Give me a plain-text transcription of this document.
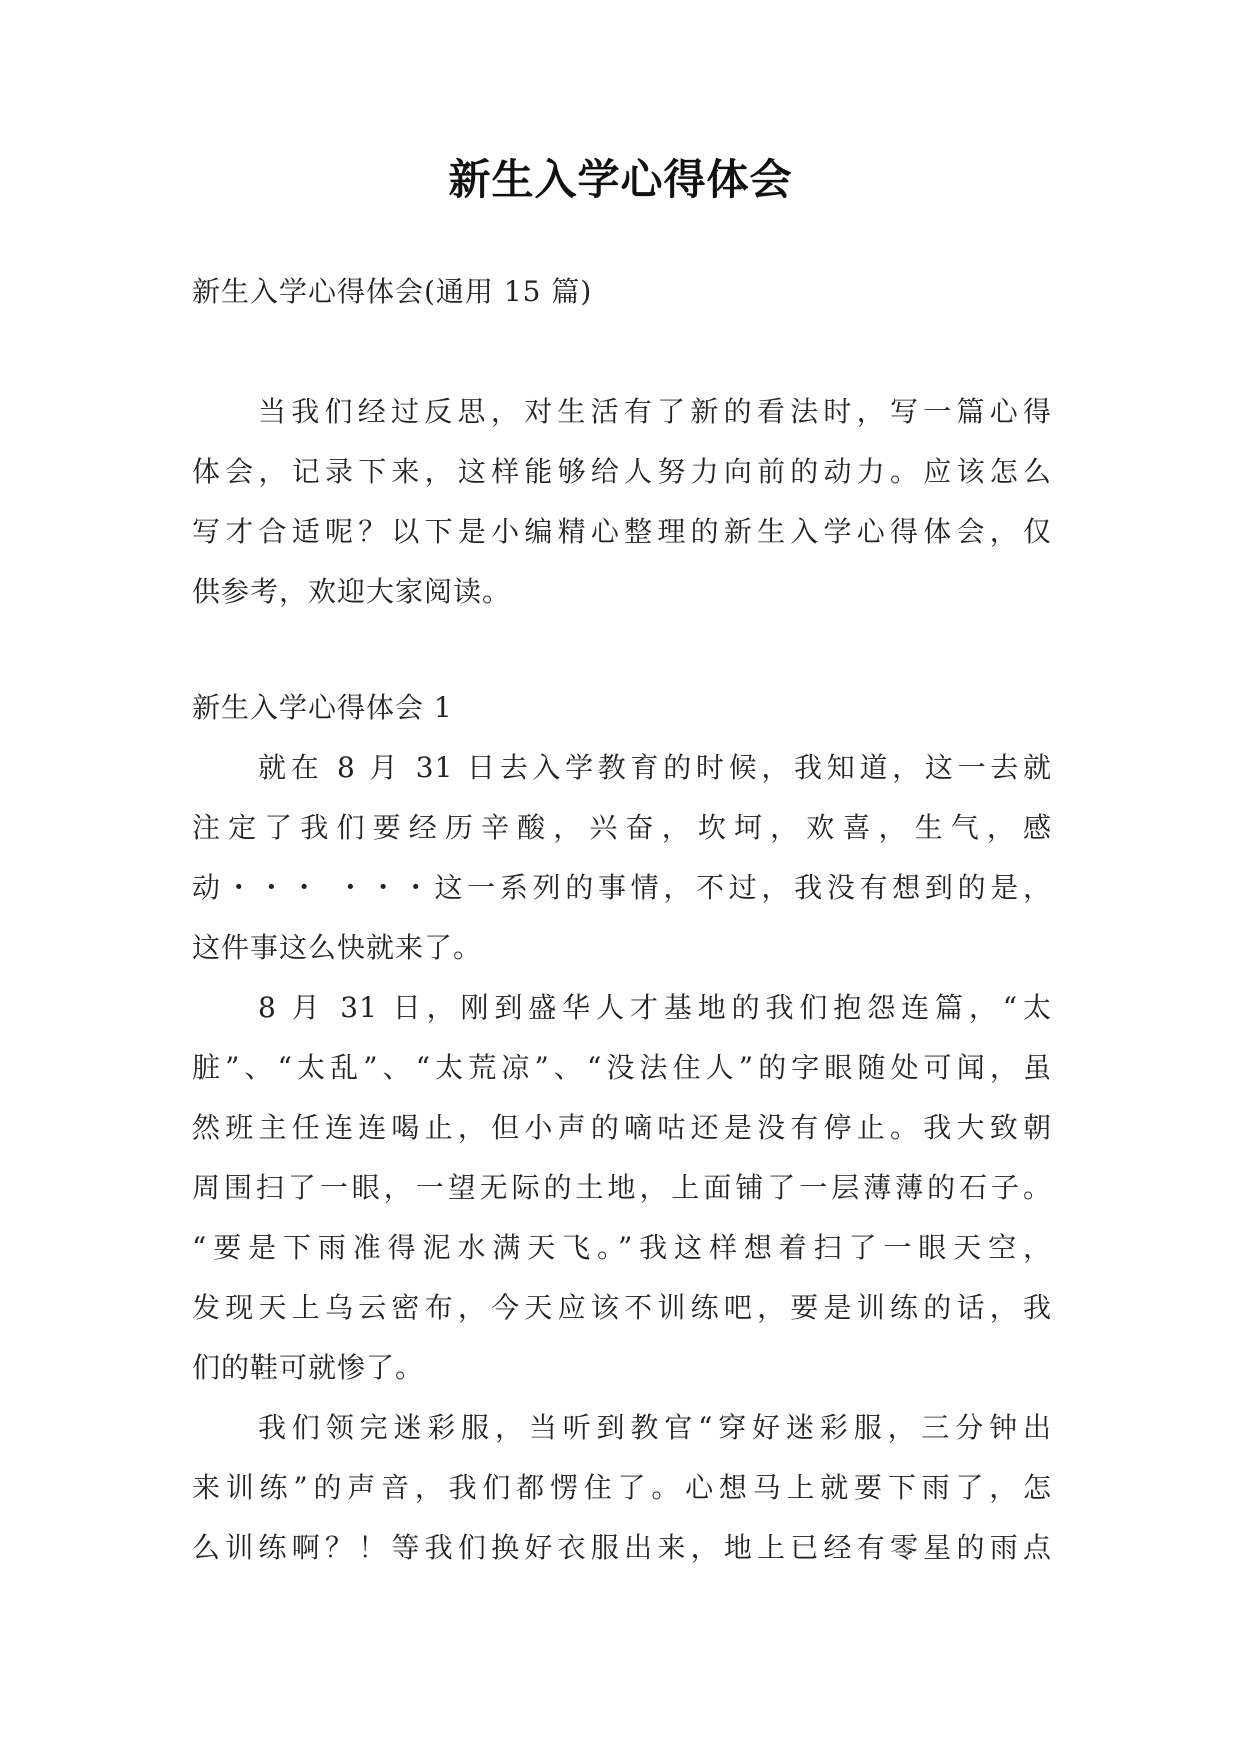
新生入学心得体会
新生入学心得体会(通用 15 篇)
当我们经过反思，对生活有了新的看法时，写一篇心得
体会，记录下来，这样能够给人努力向前的动力。应该怎么
写才合适呢？以下是小编精心整理的新生入学心得体会，仅
供参考，欢迎大家阅读。
新生入学心得体会 1
就在 8 月 31 日去入学教育的时候，我知道，这一去就
注定了我们要经历辛酸，兴奋，坎坷，欢喜，生气，感
动・・・ ・・・这一系列的事情，不过，我没有想到的是，
这件事这么快就来了。
8 月 31 日，刚到盛华人才基地的我们抱怨连篇，“太
脏”、“太乱”、“太荒凉”、“没法住人”的字眼随处可闻，虽
然班主任连连喝止，但小声的嘀咕还是没有停止。我大致朝
周围扫了一眼，一望无际的土地，上面铺了一层薄薄的石子。
“要是下雨准得泥水满天飞。”我这样想着扫了一眼天空，
发现天上乌云密布，今天应该不训练吧，要是训练的话，我
们的鞋可就惨了。
我们领完迷彩服，当听到教官“穿好迷彩服，三分钟出
来训练”的声音，我们都愣住了。心想马上就要下雨了，怎
么训练啊？！等我们换好衣服出来，地上已经有零星的雨点
